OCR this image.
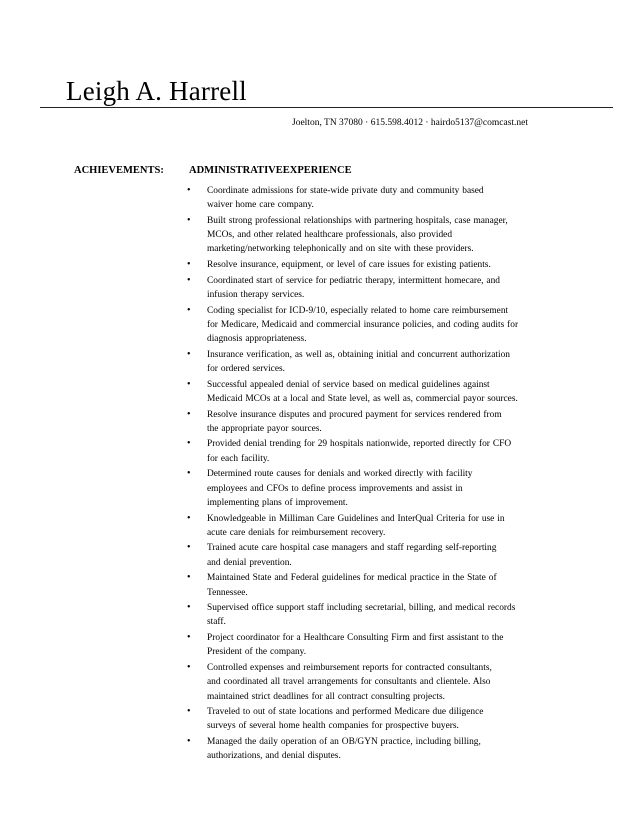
Leigh A. Harrell
Joelton, TN 37080 · 615.598.4012 · hairdo5137@comcast.net
ACHIEVEMENTS: ADMINISTRATIVEEXPERIENCE
• Coordinate admissions for state-wide private duty and community based
waiver home care company.
• Built strong professional relationships with partnering hospitals, case manager,
MCOs, and other related healthcare professionals, also provided
marketing/networking telephonically and on site with these providers.
• Resolve insurance, equipment, or level of care issues for existing patients.
• Coordinated start of service for pediatric therapy, intermittent homecare, and
infusion therapy services.
• Coding specialist for ICD-9/10, especially related to home care reimbursement
for Medicare, Medicaid and commercial insurance policies, and coding audits for
diagnosis appropriateness.
• Insurance verification, as well as, obtaining initial and concurrent authorization
for ordered services.
• Successful appealed denial of service based on medical guidelines against
Medicaid MCOs at a local and State level, as well as, commercial payor sources.
• Resolve insurance disputes and procured payment for services rendered from
the appropriate payor sources.
• Provided denial trending for 29 hospitals nationwide, reported directly for CFO
for each facility.
• Determined route causes for denials and worked directly with facility
employees and CFOs to define process improvements and assist in
implementing plans of improvement.
• Knowledgeable in Milliman Care Guidelines and InterQual Criteria for use in
acute care denials for reimbursement recovery.
• Trained acute care hospital case managers and staff regarding self-reporting
and denial prevention.
• Maintained State and Federal guidelines for medical practice in the State of
Tennessee.
• Supervised office support staff including secretarial, billing, and medical records
staff.
• Project coordinator for a Healthcare Consulting Firm and first assistant to the
President of the company.
• Controlled expenses and reimbursement reports for contracted consultants,
and coordinated all travel arrangements for consultants and clientele. Also
maintained strict deadlines for all contract consulting projects.
• Traveled to out of state locations and performed Medicare due diligence
surveys of several home health companies for prospective buyers.
• Managed the daily operation of an OB/GYN practice, including billing,
authorizations, and denial disputes.
